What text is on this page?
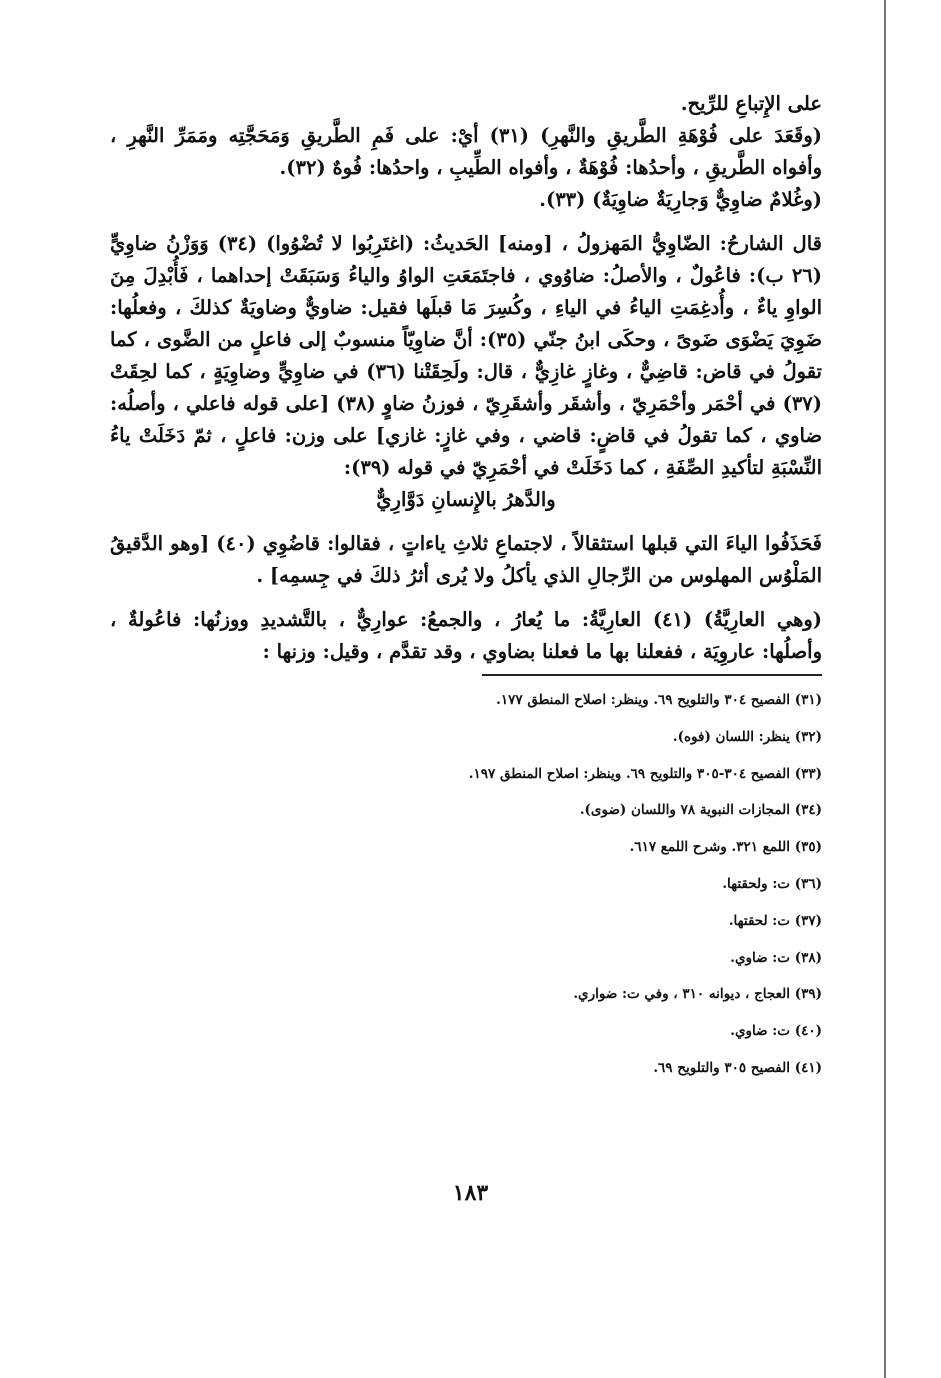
على الإِتباعِ للرِّيح.

(وقَعَدَ على فُوْهَةِ الطَّريقِ والنَّهرِ) (٣١) أيْ: على فَمِ الطَّريقِ وَمَحَجَّتِه ومَمَرِّ النَّهرِ ، وأفواه الطَّريقِ ، وأحدُها: فُوْهَةٌ ، وأفواه الطِّيبِ ، واحدُها: فُوهٌ (٣٢).

(وغُلامٌ ضاوِيٌّ وَجارِيَةٌ ضاوِيَةٌ) (٣٣).

قال الشارحُ: الضّاوِيُّ المَهزولُ ، [ومنه] الحَديثُ: (اغتَرِبُوا لا تُضْوُوا) (٣٤) وَوَزْنُ ضاوِيٍّ (٢٦ ب): فاعُولٌ ، والأصلُ: ضاوُوي ، فاجتَمَعَتِ الواوُ والياءُ وَسَبَقَتْ إحداهما ، فَأُبْدِلَ مِنَ الواوِ ياءٌ ، وأُدغِمَتِ الياءُ في الياءِ ، وكُسِرَ مَا قبلَها فقيل: ضاويٌّ وضاويَةٌ كذلكَ ، وفعلُها: ضَوِيَ يَضْوَى ضَوىً ، وحكَى ابنُ جنّي (٣٥): أنَّ ضاوِيّاً منسوبٌ إلى فاعلٍ من الضَّوى ، كما تقولُ في قاض: قاضِيٌّ ، وغازٍ غازِيٌّ ، قال: ولَحِقَتْنا (٣٦) في ضاوِيٍّ وضاوِيَةٍ ، كما لحِقَتْ (٣٧) في أحْمَر وأحْمَرِيّ ، وأشقَر وأشقَرِيّ ، فوزنُ ضاوٍ (٣٨) [على قوله فاعلي ، وأصلُه: ضاوي ، كما تقولُ في قاضٍ: قاضي ، وفي غازٍ: غازي] على وزن: فاعلٍ ، ثمّ دَخَلَتْ ياءُ النِّسْبَةِ لتأكيدِ الصِّفَةِ ، كما دَخَلَتْ في أحْمَرِيّ في قوله (٣٩):

والدَّهرُ بالإِنسانِ دَوَّارِيٌّ

فَحَذَفُوا الياءَ التي قبلها استثقالاً ، لاجتماعِ ثلاثِ ياءاتٍ ، فقالوا: قاضُوِي (٤٠) [وهو الدَّقيقُ المَلْوُس المهلوس من الرِّجالِ الذي يأكلُ ولا يُرى أثرُ ذلكَ في جِسمِه] .

(وهي العارِيَّةُ) (٤١) العارِيَّةُ: ما يُعارُ ، والجمعُ: عوارِيٌّ ، بالتَّشديدِ ووزنُها: فاعُولةٌ ، وأصلُها: عاروِيَة ، ففعلنا بها ما فعلنا بضاوي ، وقد تقدَّم ، وقيل: وزنها :

(٣١) الفصيح ٣٠٤ والتلويح ٦٩. وينظر: اصلاح المنطق ١٧٧.

(٣٢) ينظر: اللسان (فوه).

(٣٣) الفصيح ٣٠٤-٣٠٥ والتلويح ٦٩. وينظر: اصلاح المنطق ١٩٧.

(٣٤) المجازات النبوية ٧٨ واللسان (ضوى).

(٣٥) اللمع ٣٢١. وشرح اللمع ٦١٧.

(٣٦) ت: ولحقتها.

(٣٧) ت: لحقتها.

(٣٨) ت: ضاوي.

(٣٩) العجاج ، ديوانه ٣١٠ ، وفي ت: ضواري.

(٤٠) ت: ضاوي.

(٤١) الفصيح ٣٠٥ والتلويح ٦٩.

١٨٣
